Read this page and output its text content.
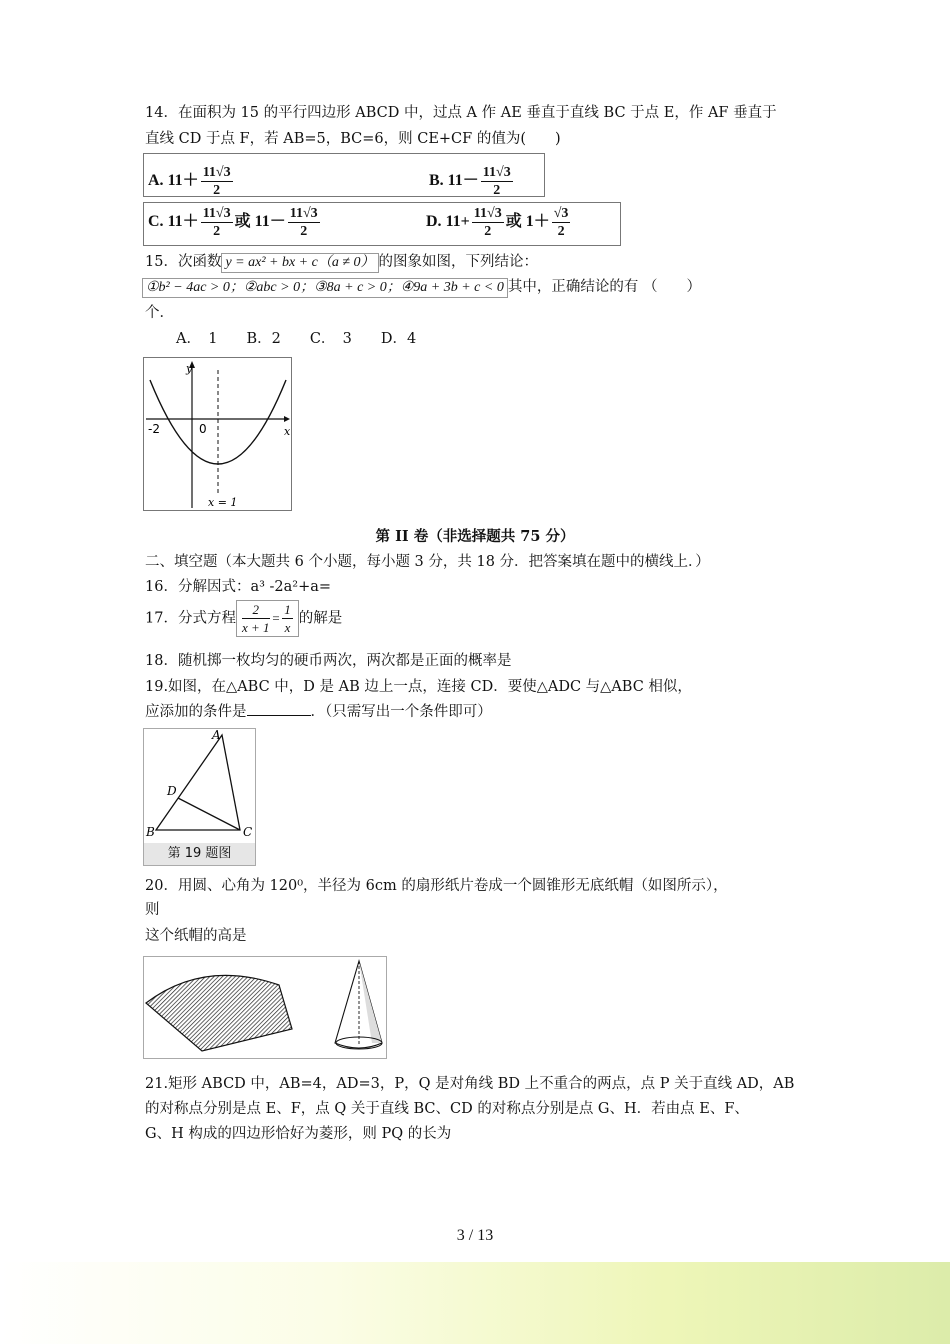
14．在面积为 15 的平行四边形 ABCD 中，过点 A 作 AE 垂直于直线 BC 于点 E，作 AF 垂直于
直线 CD 于点 F，若 AB=5，BC=6，则 CE+CF 的值为(　　)
A. $11+ \frac{11√3}{2}$	B. $11- \frac{11√3}{2}$
C. $11+ \frac{11√3}{2}$ 或 $11- \frac{11√3}{2}$	D. $11+ \frac{11√3}{2}$ 或 $1+ \frac{√3}{2}$
15．次函数 y = ax² + bx + c（a ≠ 0） 的图象如图，下列结论：
①b² − 4ac > 0；②abc > 0；③8a + c > 0；④9a + 3b + c < 0 其中，正确结论的有 （　　）
个．
A．　1　　B．2　　C．　3　　D．4
y
x
-2	0
x = 1
第 II 卷（非选择题共 75 分）
二、填空题（本大题共 6 个小题，每小题 3 分，共 18 分．把答案填在题中的横线上．）
16．分解因式：a³ -2a²+a=
17．分式方程 $\frac{2}{x + 1} = \frac{1}{x}$ 的解是
18．随机掷一枚均匀的硬币两次，两次都是正面的概率是
19.如图，在△ABC 中，D 是 AB 边上一点，连接 CD．要使△ADC 与△ABC 相似，
应添加的条件是	．（只需写出一个条件即可）
A
B	C
D
第 19 题图
20．用圆、心角为 120⁰，半径为 6cm 的扇形纸片卷成一个圆锥形无底纸帽（如图所示），
则
这个纸帽的高是
21.矩形 ABCD 中，AB=4，AD=3，P，Q 是对角线 BD 上不重合的两点，点 P 关于直线 AD，AB
的对称点分别是点 E、F，点 Q 关于直线 BC、CD 的对称点分别是点 G、H．若由点 E、F、
G、H 构成的四边形恰好为菱形，则 PQ 的长为
3 / 13
